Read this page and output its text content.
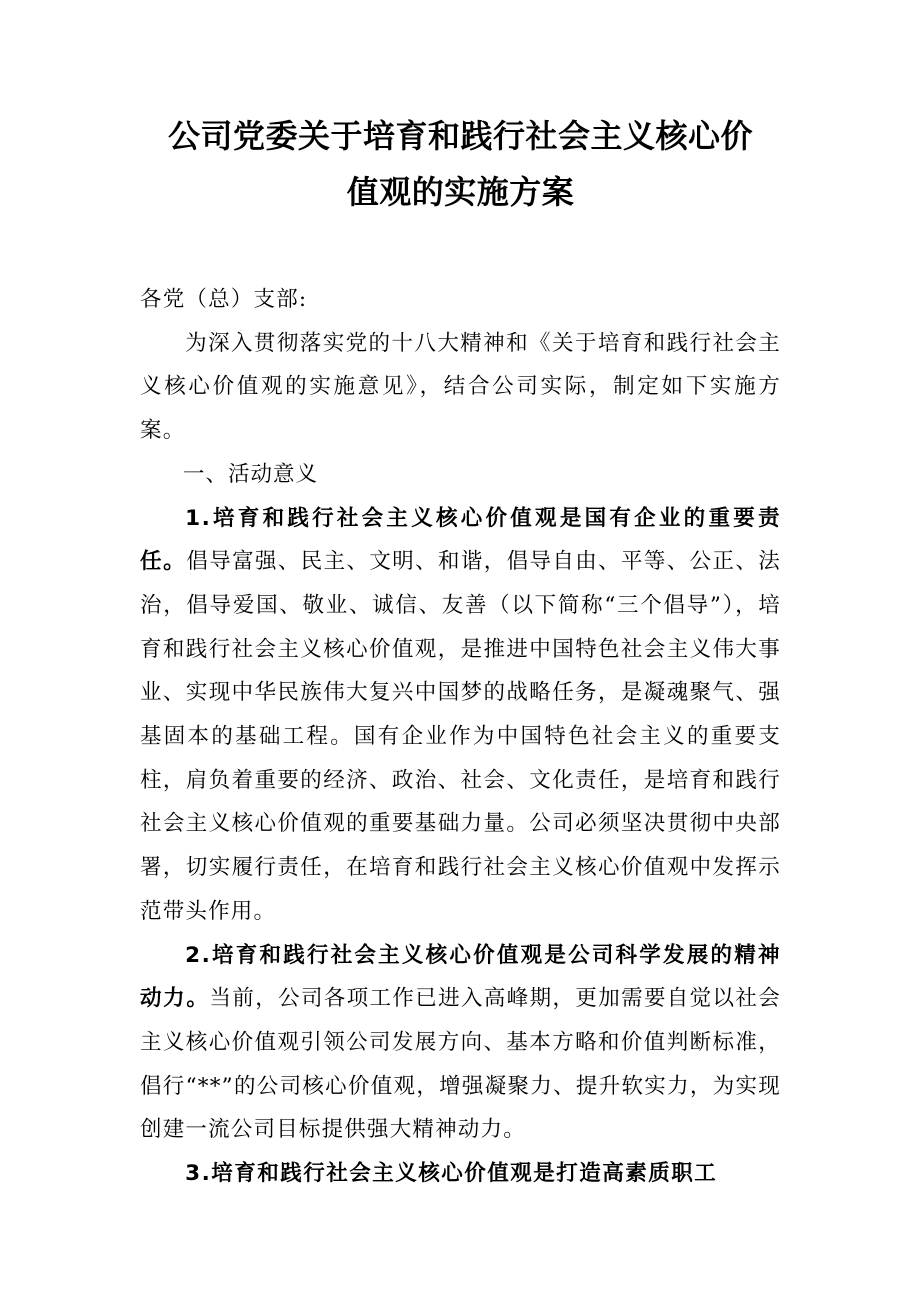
公司党委关于培育和践行社会主义核心价
值观的实施方案

各党（总）支部:

为深入贯彻落实党的十八大精神和《关于培育和践行社会主义核心价值观的实施意见》，结合公司实际，制定如下实施方案。

一、活动意义

1.培育和践行社会主义核心价值观是国有企业的重要责任。倡导富强、民主、文明、和谐，倡导自由、平等、公正、法治，倡导爱国、敬业、诚信、友善（以下简称“三个倡导”），培育和践行社会主义核心价值观，是推进中国特色社会主义伟大事业、实现中华民族伟大复兴中国梦的战略任务，是凝魂聚气、强基固本的基础工程。国有企业作为中国特色社会主义的重要支柱，肩负着重要的经济、政治、社会、文化责任，是培育和践行社会主义核心价值观的重要基础力量。公司必须坚决贯彻中央部署，切实履行责任，在培育和践行社会主义核心价值观中发挥示范带头作用。

2.培育和践行社会主义核心价值观是公司科学发展的精神动力。当前，公司各项工作已进入高峰期，更加需要自觉以社会主义核心价值观引领公司发展方向、基本方略和价值判断标准，倡行“**”的公司核心价值观，增强凝聚力、提升软实力，为实现创建一流公司目标提供强大精神动力。

3.培育和践行社会主义核心价值观是打造高素质职工
